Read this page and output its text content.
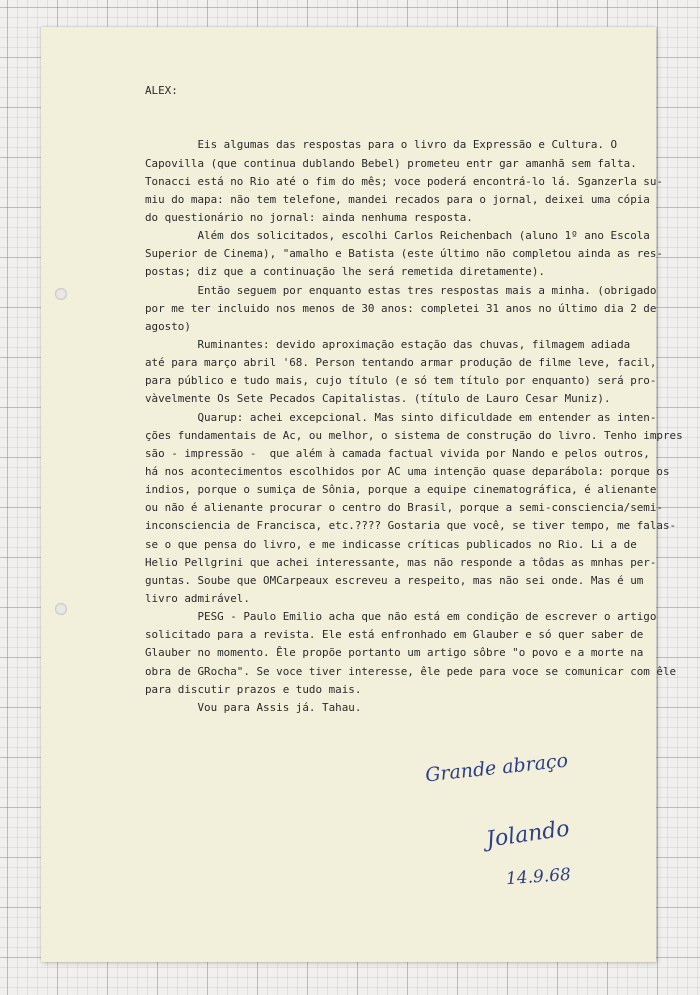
ALEX:
Eis algumas das respostas para o livro da Expressão e Cultura. O
Capovilla (que continua dublando Bebel) prometeu entr gar amanhã sem falta.
Tonacci está no Rio até o fim do mês; voce poderá encontrá-lo lá. Sganzerla su-
miu do mapa: não tem telefone, mandei recados para o jornal, deixei uma cópia
do questionário no jornal: ainda nenhuma resposta.
Além dos solicitados, escolhi Carlos Reichenbach (aluno 1º ano Escola
Superior de Cinema), "amalho e Batista (este último não completou ainda as res-
postas; diz que a continuação lhe será remetida diretamente).
Então seguem por enquanto estas tres respostas mais a minha. (obrigado
por me ter incluido nos menos de 30 anos: completei 31 anos no último dia 2 de
agosto)
Ruminantes: devido aproximação estação das chuvas, filmagem adiada
até para março abril '68. Person tentando armar produção de filme leve, facil,
para público e tudo mais, cujo título (e só tem título por enquanto) será pro-
vàvelmente Os Sete Pecados Capitalistas. (título de Lauro Cesar Muniz).
Quarup: achei excepcional. Mas sinto dificuldade em entender as inten-
ções fundamentais de Ac, ou melhor, o sistema de construção do livro. Tenho impres
são - impressão -  que além à camada factual vivida por Nando e pelos outros,
há nos acontecimentos escolhidos por AC uma intenção quase deparábola: porque os
indios, porque o sumiça de Sônia, porque a equipe cinematográfica, é alienante
ou não é alienante procurar o centro do Brasil, porque a semi-consciencia/semi-
inconsciencia de Francisca, etc.???? Gostaria que você, se tiver tempo, me falas-
se o que pensa do livro, e me indicasse críticas publicados no Rio. Li a de
Helio Pellgrini que achei interessante, mas não responde a tôdas as mnhas per-
guntas. Soube que OMCarpeaux escreveu a respeito, mas não sei onde. Mas é um
livro admirável.
PESG - Paulo Emilio acha que não está em condição de escrever o artigo
solicitado para a revista. Ele está enfronhado em Glauber e só quer saber de
Glauber no momento. Êle propõe portanto um artigo sôbre "o povo e a morte na
obra de GRocha". Se voce tiver interesse, êle pede para voce se comunicar com êle
para discutir prazos e tudo mais.
Vou para Assis já. Tahau.
Grande abraço
Jolando
14.9.68
